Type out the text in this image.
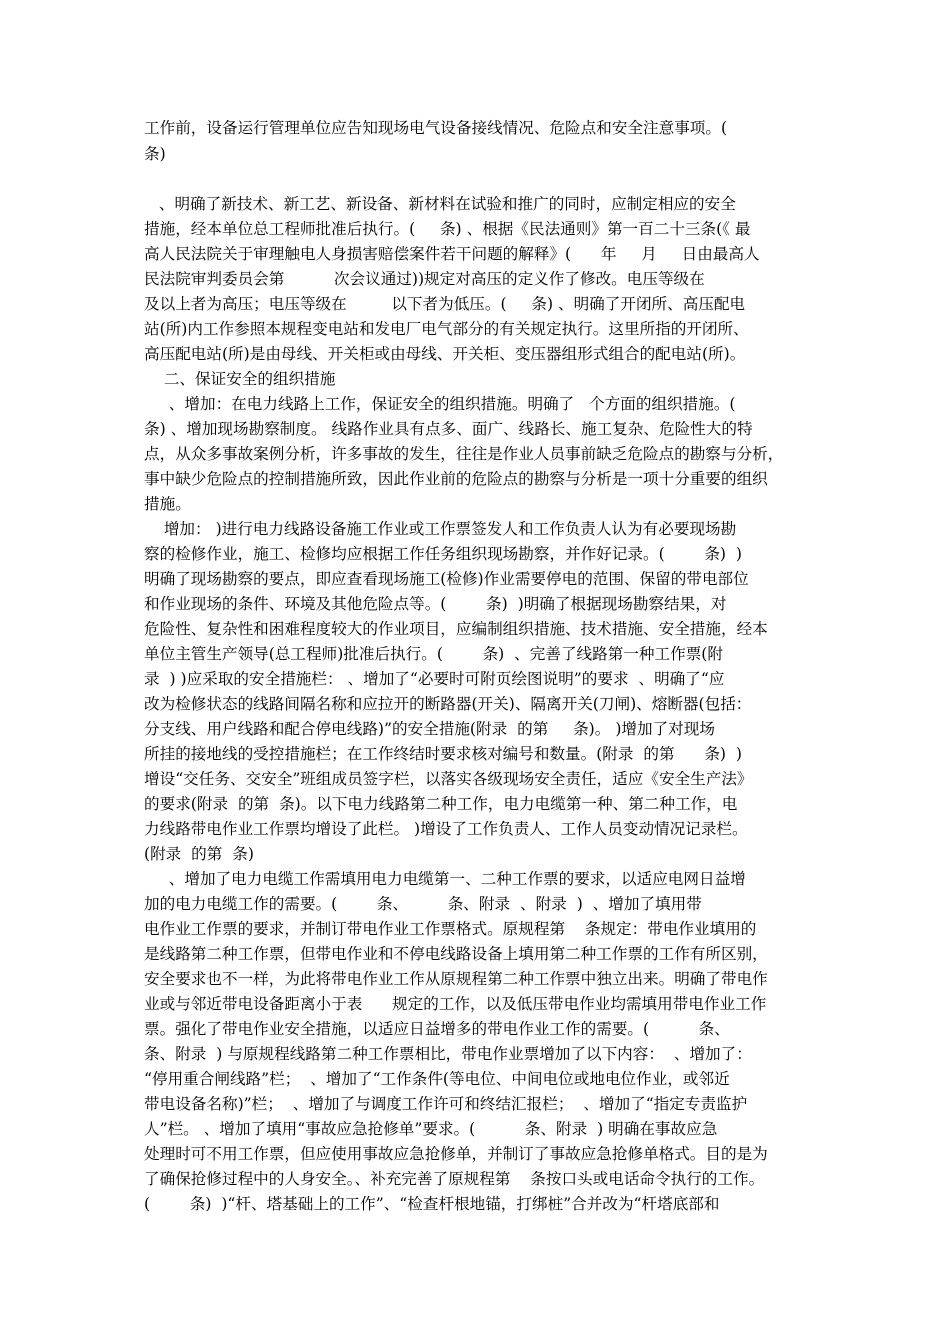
工作前，设备运行管理单位应告知现场电气设备接线情况、危险点和安全注意事项。(
条)
、明确了新技术、新工艺、新设备、新材料在试验和推广的同时，应制定相应的安全
措施，经本单位总工程师批准后执行。(     条) 、根据《民法通则》第一百二十三条(《 最
高人民法院关于审理触电人身损害赔偿案件若干问题的解释》(      年     月     日由最高人
民法院审判委员会第          次会议通过))规定对高压的定义作了修改。电压等级在
及以上者为高压；电压等级在         以下者为低压。(     条) 、明确了开闭所、高压配电
站(所)内工作参照本规程变电站和发电厂电气部分的有关规定执行。这里所指的开闭所、
高压配电站(所)是由母线、开关柜或由母线、开关柜、变压器组形式组合的配电站(所)。
二、保证安全的组织措施
、增加：在电力线路上工作，保证安全的组织措施。明确了   个方面的组织措施。(
条) 、增加现场勘察制度。 线路作业具有点多、面广、线路长、施工复杂、危险性大的特
点，从众多事故案例分析，许多事故的发生，往往是作业人员事前缺乏危险点的勘察与分析，
事中缺少危险点的控制措施所致，因此作业前的危险点的勘察与分析是一项十分重要的组织
措施。
增加： )进行电力线路设备施工作业或工作票签发人和工作负责人认为有必要现场勘
察的检修作业，施工、检修均应根据工作任务组织现场勘察，并作好记录。(        条)  )
明确了现场勘察的要点，即应查看现场施工(检修)作业需要停电的范围、保留的带电部位
和作业现场的条件、环境及其他危险点等。(        条)  )明确了根据现场勘察结果，对
危险性、复杂性和困难程度较大的作业项目，应编制组织措施、技术措施、安全措施，经本
单位主管生产领导(总工程师)批准后执行。(        条)  、完善了线路第一种工作票(附
录  ) )应采取的安全措施栏： 、增加了“必要时可附页绘图说明”的要求  、明确了“应
改为检修状态的线路间隔名称和应拉开的断路器(开关)、隔离开关(刀闸)、熔断器(包括：
分支线、用户线路和配合停电线路)”的安全措施(附录  的第     条)。 )增加了对现场
所挂的接地线的受控措施栏；在工作终结时要求核对编号和数量。(附录  的第      条)  )
增设“交任务、交安全”班组成员签字栏，以落实各级现场安全责任，适应《安全生产法》
的要求(附录  的第  条)。以下电力线路第二种工作，电力电缆第一种、第二种工作，电
力线路带电作业工作票均增设了此栏。 )增设了工作负责人、工作人员变动情况记录栏。
(附录  的第  条)
、增加了电力电缆工作需填用电力电缆第一、二种工作票的要求，以适应电网日益增
加的电力电缆工作的需要。(        条、        条、附录  、附录  )  、增加了填用带
电作业工作票的要求，并制订带电作业工作票格式。原规程第    条规定：带电作业填用的
是线路第二种工作票，但带电作业和不停电线路设备上填用第二种工作票的工作有所区别，
安全要求也不一样，为此将带电作业工作从原规程第二种工作票中独立出来。明确了带电作
业或与邻近带电设备距离小于表      规定的工作，以及低压带电作业均需填用带电作业工作
票。强化了带电作业安全措施，以适应日益增多的带电作业工作的需要。(          条、
条、附录  ) 与原规程线路第二种工作票相比，带电作业票增加了以下内容：  、增加了：
“停用重合闸线路”栏；  、增加了“工作条件(等电位、中间电位或地电位作业，或邻近
带电设备名称)”栏；  、增加了与调度工作许可和终结汇报栏；  、增加了“指定专责监护
人”栏。 、增加了填用“事故应急抢修单”要求。(          条、附录  ) 明确在事故应急
处理时可不用工作票，但应使用事故应急抢修单，并制订了事故应急抢修单格式。目的是为
了确保抢修过程中的人身安全。、补充完善了原规程第    条按口头或电话命令执行的工作。
(        条)  )“杆、塔基础上的工作”、“检查杆根地锚，打绑桩”合并改为“杆塔底部和
